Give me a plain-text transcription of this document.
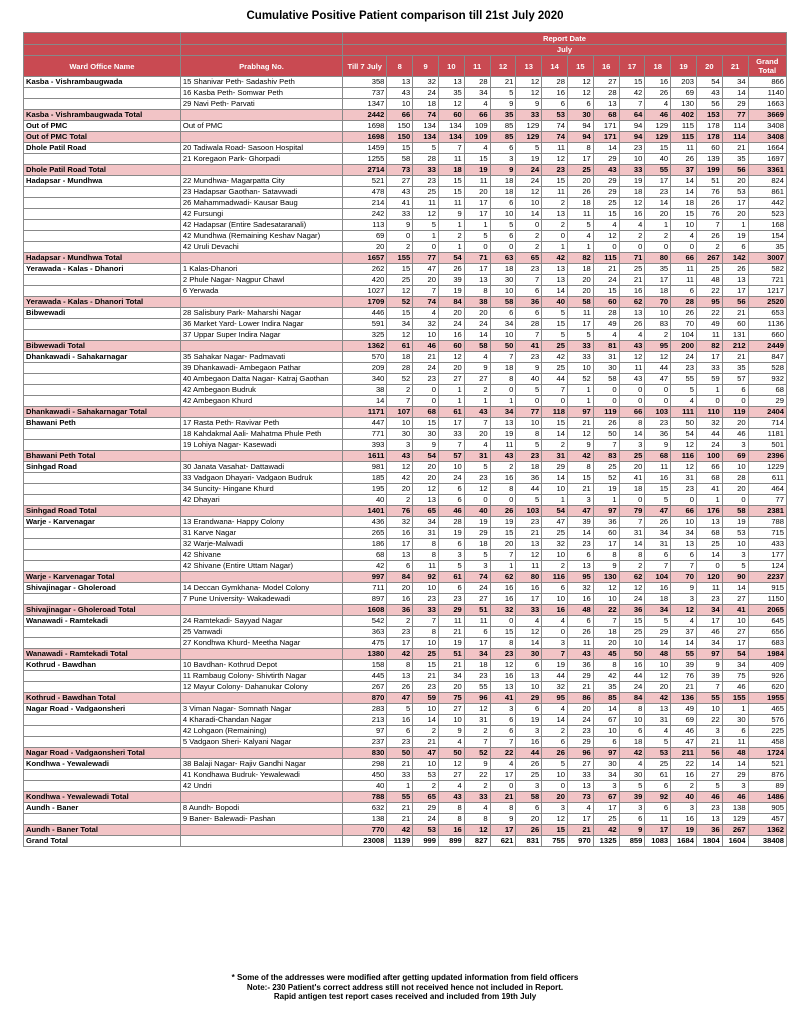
Cumulative Positive Patient comparison till 21st July 2020
		Report Date															
		July															
Ward Office Name	Prabhag No.	Till 7 July	8	9	10	11	12	13	14	15	16	17	18	19	20	21	Grand Total
Kasba - Vishrambaugwada	15 Shanivar Peth- Sadashiv Peth	358	13	32	13	28	21	12	28	12	27	15	16	203	54	34	866
	16 Kasba Peth- Somwar Peth	737	43	24	35	34	5	12	16	12	28	42	26	69	43	14	1140
	29 Navi Peth- Parvati	1347	10	18	12	4	9	9	6	6	13	7	4	130	56	29	1663
Kasba - Vishrambaugwada Total		2442	66	74	60	66	35	33	53	30	68	64	46	402	153	77	3669
Out of PMC	Out of PMC	1698	150	134	134	109	85	129	74	94	171	94	129	115	178	114	3408
Out of PMC Total		1698	150	134	134	109	85	129	74	94	171	94	129	115	178	114	3408
Dhole Patil Road	20 Tadiwala Road- Sasoon Hospital	1459	15	5	7	4	6	5	11	8	14	23	15	11	60	21	1664
	21 Koregaon Park- Ghorpadi	1255	58	28	11	15	3	19	12	17	29	10	40	26	139	35	1697
Dhole Patil Road Total		2714	73	33	18	19	9	24	23	25	43	33	55	37	199	56	3361
Hadapsar - Mundhwa	22 Mundhwa- Magarpatta City	521	27	23	15	11	18	24	15	20	29	19	17	14	51	20	824
	23 Hadapsar Gaothan- Satavwadi	478	43	25	15	20	18	12	11	26	29	18	23	14	76	53	861
	26 Mahammadwadi- Kausar Baug	214	41	11	11	17	6	10	2	18	25	12	14	18	26	17	442
	42 Fursungi	242	33	12	9	17	10	14	13	11	15	16	20	15	76	20	523
	42 Hadapsar (Entire Sadesataranali)	113	9	5	1	1	5	0	2	5	4	4	1	10	7	1	168
	42 Mundhwa (Remaining Keshav Nagar)	69	0	1	2	5	6	2	0	4	12	2	2	4	26	19	154
	42 Uruli Devachi	20	2	0	1	0	0	2	1	1	0	0	0	0	2	6	35
Hadapsar - Mundhwa Total		1657	155	77	54	71	63	65	42	82	115	71	80	66	267	142	3007
Yerawada - Kalas - Dhanori	1 Kalas-Dhanori	262	15	47	26	17	18	23	13	18	21	25	35	11	25	26	582
	2 Phule Nagar- Nagpur Chawl	420	25	20	39	13	30	7	13	20	24	21	17	11	48	13	721
	6 Yerwada	1027	12	7	19	8	10	6	14	20	15	16	18	6	22	17	1217
Yerawada - Kalas - Dhanori Total		1709	52	74	84	38	58	36	40	58	60	62	70	28	95	56	2520
Bibwewadi	28 Salisbury Park- Maharshi Nagar	446	15	4	20	20	6	6	5	11	28	13	10	26	22	21	653
	36 Market Yard- Lower Indira Nagar	591	34	32	24	24	34	28	15	17	49	26	83	70	49	60	1136
	37 Uppar Super Indira Nagar	325	12	10	16	14	10	7	5	5	4	4	2	104	11	131	660
Bibwewadi Total		1362	61	46	60	58	50	41	25	33	81	43	95	200	82	212	2449
Dhankawadi - Sahakarnagar	35 Sahakar Nagar- Padmavati	570	18	21	12	4	7	23	42	33	31	12	12	24	17	21	847
	39 Dhankawadi- Ambegaon Pathar	209	28	24	20	9	18	9	25	10	30	11	44	23	33	35	528
	40 Ambegaon Datta Nagar- Katraj Gaothan	340	52	23	27	27	8	40	44	52	58	43	47	55	59	57	932
	42 Ambegaon Budruk	38	2	0	1	2	0	5	7	1	0	0	0	5	1	6	68
	42 Ambegaon Khurd	14	7	0	1	1	1	0	0	1	0	0	0	4	0	0	29
Dhankawadi - Sahakarnagar Total		1171	107	68	61	43	34	77	118	97	119	66	103	111	110	119	2404
Bhawani Peth	17 Rasta Peth- Ravivar Peth	447	10	15	17	7	13	10	15	21	26	8	23	50	32	20	714
	18 Kahdakmal Aali- Mahatma Phule Peth	771	30	30	33	20	19	8	14	12	50	14	36	54	44	46	1181
	19 Lohiya Nagar- Kasewadi	393	3	9	7	4	11	5	2	9	7	3	9	12	24	3	501
Bhawani Peth Total		1611	43	54	57	31	43	23	31	42	83	25	68	116	100	69	2396
Sinhgad Road	30 Janata Vasahat- Dattawadi	981	12	20	10	5	2	18	29	8	25	20	11	12	66	10	1229
	33 Vadgaon Dhayari- Vadgaon Budruk	185	42	20	24	23	16	36	14	15	52	41	16	31	68	28	611
	34 Suncity- Hingane Khurd	195	20	12	6	12	8	44	10	21	19	18	15	23	41	20	464
	42 Dhayari	40	2	13	6	0	0	5	1	3	1	0	5	0	1	0	77
Sinhgad Road Total		1401	76	65	46	40	26	103	54	47	97	79	47	66	176	58	2381
Warje - Karvenagar	13 Erandwana- Happy Colony	436	32	34	28	19	19	23	47	39	36	7	26	10	13	19	788
	31 Karve Nagar	265	16	31	19	29	15	21	25	14	60	31	34	34	68	53	715
	32 Warje-Malwadi	186	17	8	6	18	20	13	32	23	17	14	31	13	25	10	433
	42 Shivane	68	13	8	3	5	7	12	10	6	8	8	6	6	14	3	177
	42 Shivane (Entire Uttam Nagar)	42	6	11	5	3	1	11	2	13	9	2	7	7	0	5	124
Warje - Karvenagar Total		997	84	92	61	74	62	80	116	95	130	62	104	70	120	90	2237
Shivajinagar - Gholeroad	14 Deccan Gymkhana- Model Colony	711	20	10	6	24	16	16	6	32	12	12	16	9	11	14	915
	7 Pune University- Wakadewadi	897	16	23	23	27	16	17	10	16	10	24	18	3	23	27	1150
Shivajinagar - Gholeroad Total		1608	36	33	29	51	32	33	16	48	22	36	34	12	34	41	2065
Wanawadi - Ramtekadi	24 Ramtekadi- Sayyad Nagar	542	2	7	11	11	0	4	4	6	7	15	5	4	17	10	645
	25 Vanwadi	363	23	8	21	6	15	12	0	26	18	25	29	37	46	27	656
	27 Kondhwa Khurd- Meetha Nagar	475	17	10	19	17	8	14	3	11	20	10	14	14	34	17	683
Wanawadi - Ramtekadi Total		1380	42	25	51	34	23	30	7	43	45	50	48	55	97	54	1984
Kothrud - Bawdhan	10 Bavdhan- Kothrud Depot	158	8	15	21	18	12	6	19	36	8	16	10	39	9	34	409
	11 Rambaug Colony- Shivtirth Nagar	445	13	21	34	23	16	13	44	29	42	44	12	76	39	75	926
	12 Mayur Colony- Dahanukar Colony	267	26	23	20	55	13	10	32	21	35	24	20	21	7	46	620
Kothrud - Bawdhan Total		870	47	59	75	96	41	29	95	86	85	84	42	136	55	155	1955
Nagar Road - Vadgaonsheri	3 Viman Nagar- Somnath Nagar	283	5	10	27	12	3	6	4	20	14	8	13	49	10	1	465
	4 Kharadi-Chandan Nagar	213	16	14	10	31	6	19	14	24	67	10	31	69	22	30	576
	42 Lohgaon (Remaining)	97	6	2	9	2	6	3	2	23	10	6	4	46	3	6	225
	5 Vadgaon Sheri- Kalyani Nagar	237	23	21	4	7	7	16	6	29	6	18	5	47	21	11	458
Nagar Road - Vadgaonsheri Total		830	50	47	50	52	22	44	26	96	97	42	53	211	56	48	1724
Kondhwa - Yewalewadi	38 Balaji Nagar- Rajiv Gandhi Nagar	298	21	10	12	9	4	26	5	27	30	4	25	22	14	14	521
	41 Kondhawa Budruk- Yewalewadi	450	33	53	27	22	17	25	10	33	34	30	61	16	27	29	876
	42 Undri	40	1	2	4	2	0	3	0	13	3	5	6	2	5	3	89
Kondhwa - Yewalewadi Total		788	55	65	43	33	21	58	20	73	67	39	92	40	46	46	1486
Aundh - Baner	8 Aundh- Bopodi	632	21	29	8	4	8	6	3	4	17	3	6	3	23	138	905
	9 Baner- Balewadi- Pashan	138	21	24	8	8	9	20	12	17	25	6	11	16	13	129	457
Aundh - Baner Total		770	42	53	16	12	17	26	15	21	42	9	17	19	36	267	1362
Grand Total		23008	1139	999	899	827	621	831	755	970	1325	859	1083	1684	1804	1604	38408
* Some of the addresses were modified after getting updated information from field officers
Note:- 230 Patient's correct address still not received hence not included in Report.
Rapid antigen test report cases received and included from 19th July
